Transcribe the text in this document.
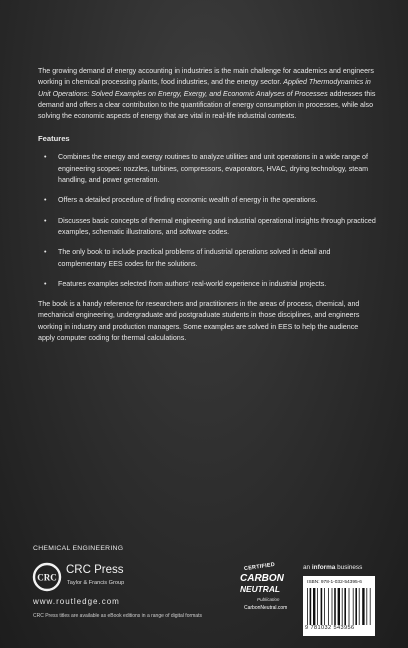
The growing demand of energy accounting in industries is the main challenge for academics and engineers working in chemical processing plants, food industries, and the energy sector. Applied Thermodynamics in Unit Operations: Solved Examples on Energy, Exergy, and Economic Analyses of Processes addresses this demand and offers a clear contribution to the quantification of energy consumption in processes, while also solving the economic aspects of energy that are vital in real-life industrial contexts.

Features
• Combines the energy and exergy routines to analyze utilities and unit operations in a wide range of engineering scopes: nozzles, turbines, compressors, evaporators, HVAC, drying technology, steam handling, and power generation.
• Offers a detailed procedure of finding economic wealth of energy in the operations.
• Discusses basic concepts of thermal engineering and industrial operational insights through practiced examples, schematic illustrations, and software codes.
• The only book to include practical problems of industrial operations solved in detail and complementary EES codes for the solutions.
• Features examples selected from authors' real-world experience in industrial projects.

The book is a handy reference for researchers and practitioners in the areas of process, chemical, and mechanical engineering, undergraduate and postgraduate students in those disciplines, and engineers working in industry and production managers. Some examples are solved in EES to help the audience apply computer coding for thermal calculations.

CHEMICAL ENGINEERING
CRC
CRC Press
Taylor & Francis Group
www.routledge.com
CRC Press titles are available as eBook editions in a range of digital formats
CERTIFIED
CARBON
NEUTRAL
Publication
CarbonNeutral.com
an informa business
ISBN: 978-1-032-54395-6
9 781032 543956
